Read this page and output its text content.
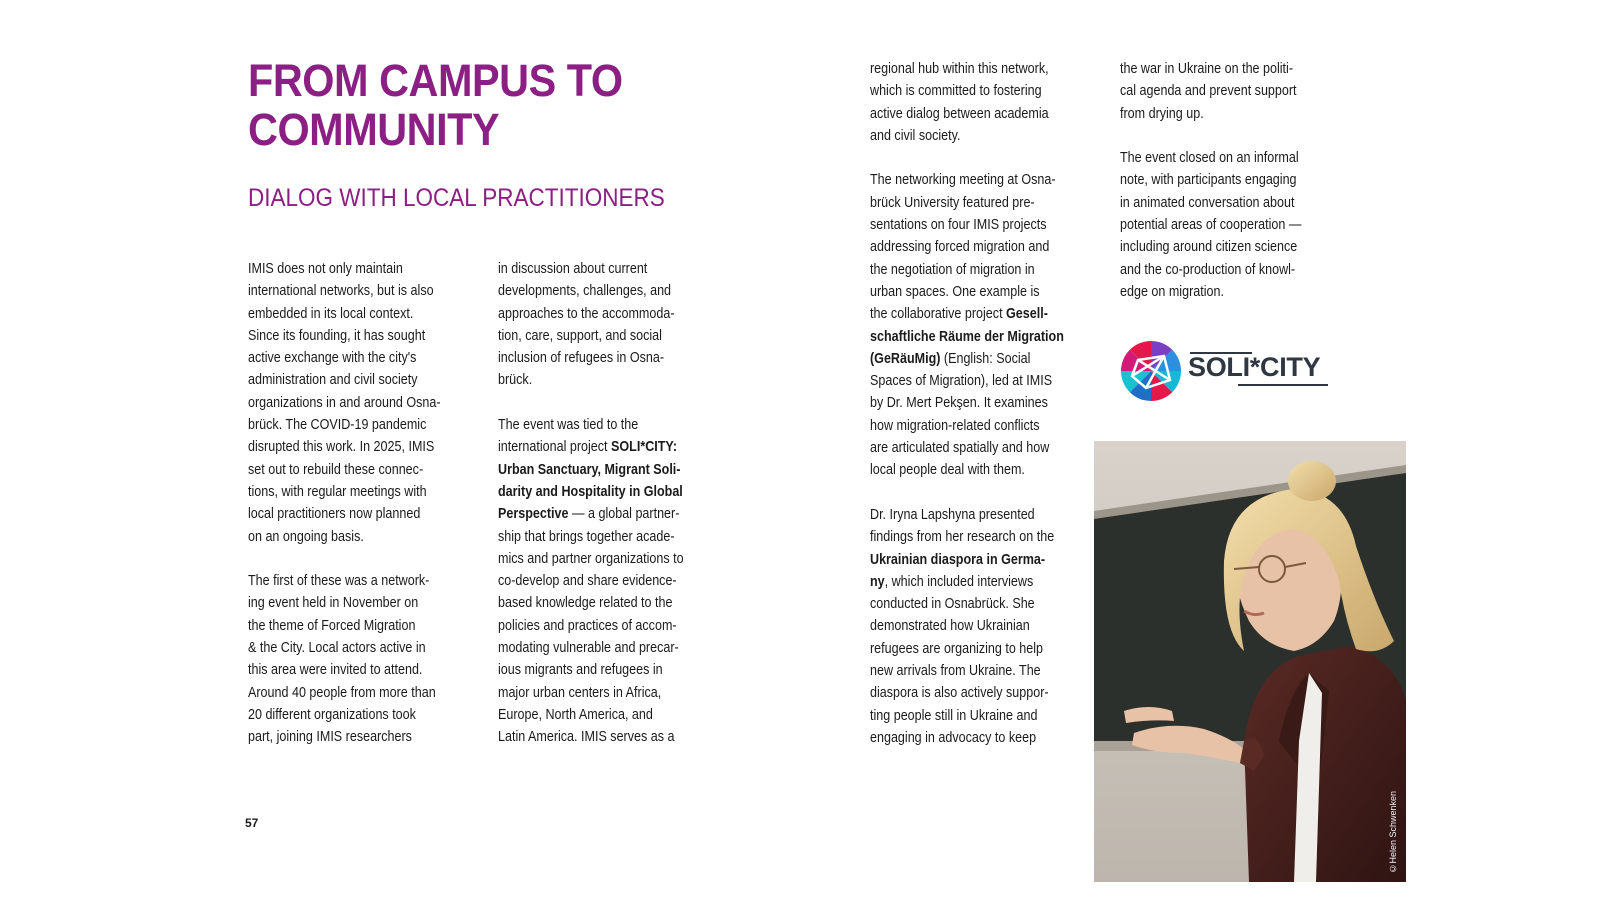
FROM CAMPUS TO
COMMUNITY
DIALOG WITH LOCAL PRACTITIONERS

IMIS does not only maintain
international networks, but is also
embedded in its local context.
Since its founding, it has sought
active exchange with the city's
administration and civil society
organizations in and around Osna-
brück. The COVID-19 pandemic
disrupted this work. In 2025, IMIS
set out to rebuild these connec-
tions, with regular meetings with
local practitioners now planned
on an ongoing basis.

The first of these was a network-
ing event held in November on
the theme of Forced Migration
& the City. Local actors active in
this area were invited to attend.
Around 40 people from more than
20 different organizations took
part, joining IMIS researchers

in discussion about current
developments, challenges, and
approaches to the accommoda-
tion, care, support, and social
inclusion of refugees in Osna-
brück.

The event was tied to the
international project SOLI*CITY:
Urban Sanctuary, Migrant Soli-
darity and Hospitality in Global
Perspective — a global partner-
ship that brings together acade-
mics and partner organizations to
co-develop and share evidence-
based knowledge related to the
policies and practices of accom-
modating vulnerable and precar-
ious migrants and refugees in
major urban centers in Africa,
Europe, North America, and
Latin America. IMIS serves as a

regional hub within this network,
which is committed to fostering
active dialog between academia
and civil society.

The networking meeting at Osna-
brück University featured pre-
sentations on four IMIS projects
addressing forced migration and
the negotiation of migration in
urban spaces. One example is
the collaborative project Gesell-
schaftliche Räume der Migration
(GeRäuMig) (English: Social
Spaces of Migration), led at IMIS
by Dr. Mert Pekşen. It examines
how migration-related conflicts
are articulated spatially and how
local people deal with them.

Dr. Iryna Lapshyna presented
findings from her research on the
Ukrainian diaspora in Germa-
ny, which included interviews
conducted in Osnabrück. She
demonstrated how Ukrainian
refugees are organizing to help
new arrivals from Ukraine. The
diaspora is also actively suppor-
ting people still in Ukraine and
engaging in advocacy to keep

the war in Ukraine on the politi-
cal agenda and prevent support
from drying up.

The event closed on an informal
note, with participants engaging
in animated conversation about
potential areas of cooperation —
including around citizen science
and the co-production of knowl-
edge on migration.

SOLI*CITY
©Helen Schwenken
57
